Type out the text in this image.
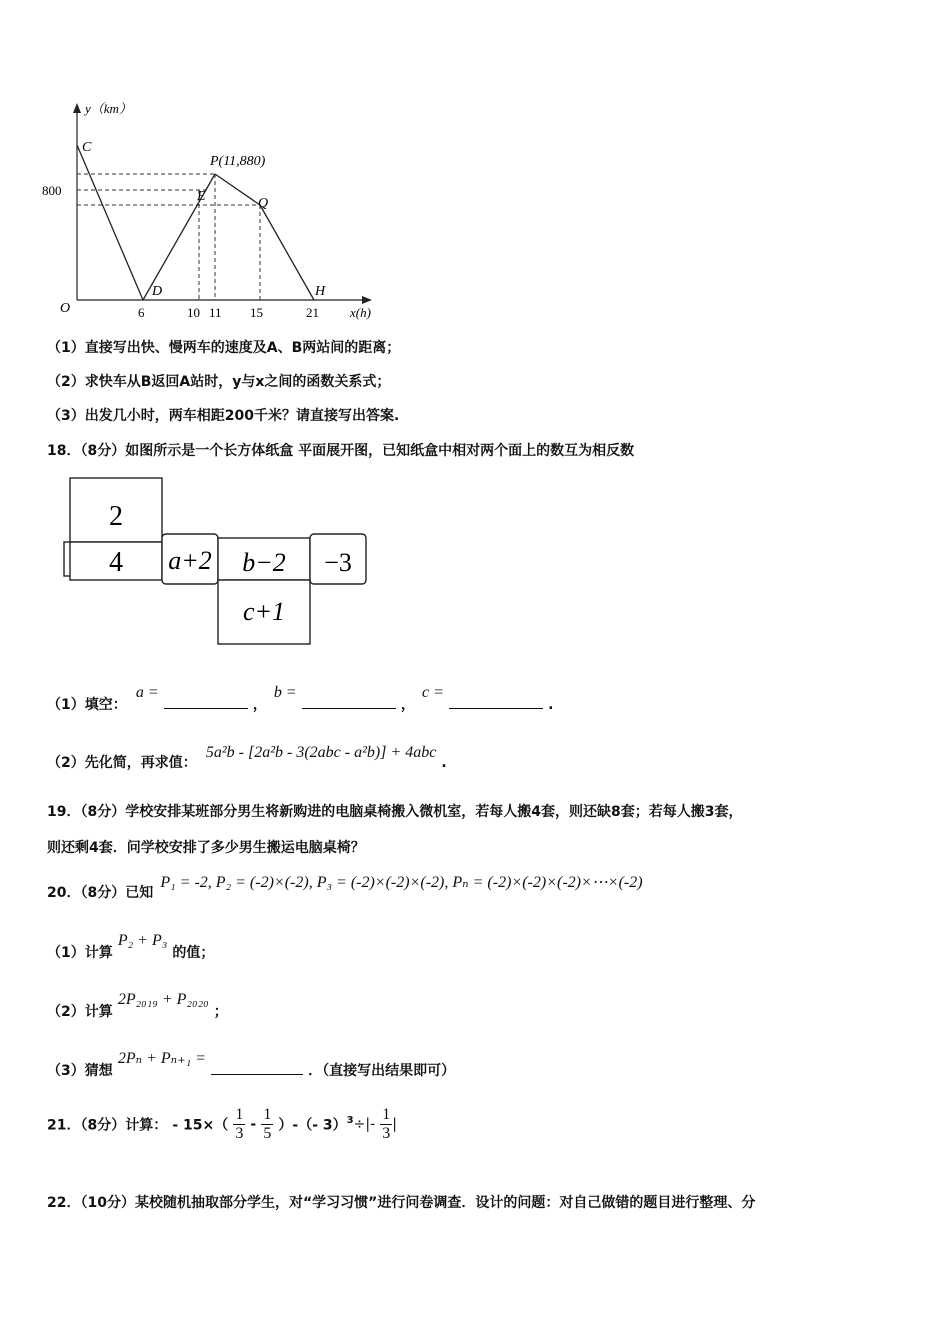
y（km）
x(h)
O
800
6	10 11 15	21
C
D
E
P(11,880)
Q
H
（1）直接写出快、慢两车的速度及A、B两站间的距离；
（2）求快车从B返回A站时，y与x之间的函数关系式；
（3）出发几小时，两车相距200千米？请直接写出答案.
18．（8分）如图所示是一个长方体纸盒 平面展开图，已知纸盒中相对两个面上的数互为相反数
2
4 a+2 b−2 −3
c+1
（1）填空： a =  ， b =  ， c =  .
（2）先化简，再求值： 5a²b - [2a²b - 3(2abc - a²b)] + 4abc .
19．（8分）学校安排某班部分男生将新购进的电脑桌椅搬入微机室，若每人搬4套，则还缺8套；若每人搬3套，
则还剩4套．问学校安排了多少男生搬运电脑桌椅？
20．（8分）已知 P₁ = -2, P₂ = (-2)×(-2), P₃ = (-2)×(-2)×(-2), Pₙ = (-2)×(-2)×(-2)×⋯×(-2)
（1）计算 P₂ + P₃ 的值；
（2）计算 2P₂₀₁₉ + P₂₀₂₀ ；
（3）猜想 2Pₙ + Pₙ₊₁ =  ．（直接写出结果即可）
21．（8分）计算： - $15\times( \frac{1}{3} - \frac{1}{5}$ ）-（- $3)^3\div|- \frac{1}{3}$ |
22．（10分）某校随机抽取部分学生，对“学习习惯”进行问卷调查．设计的问题：对自己做错的题目进行整理、分
